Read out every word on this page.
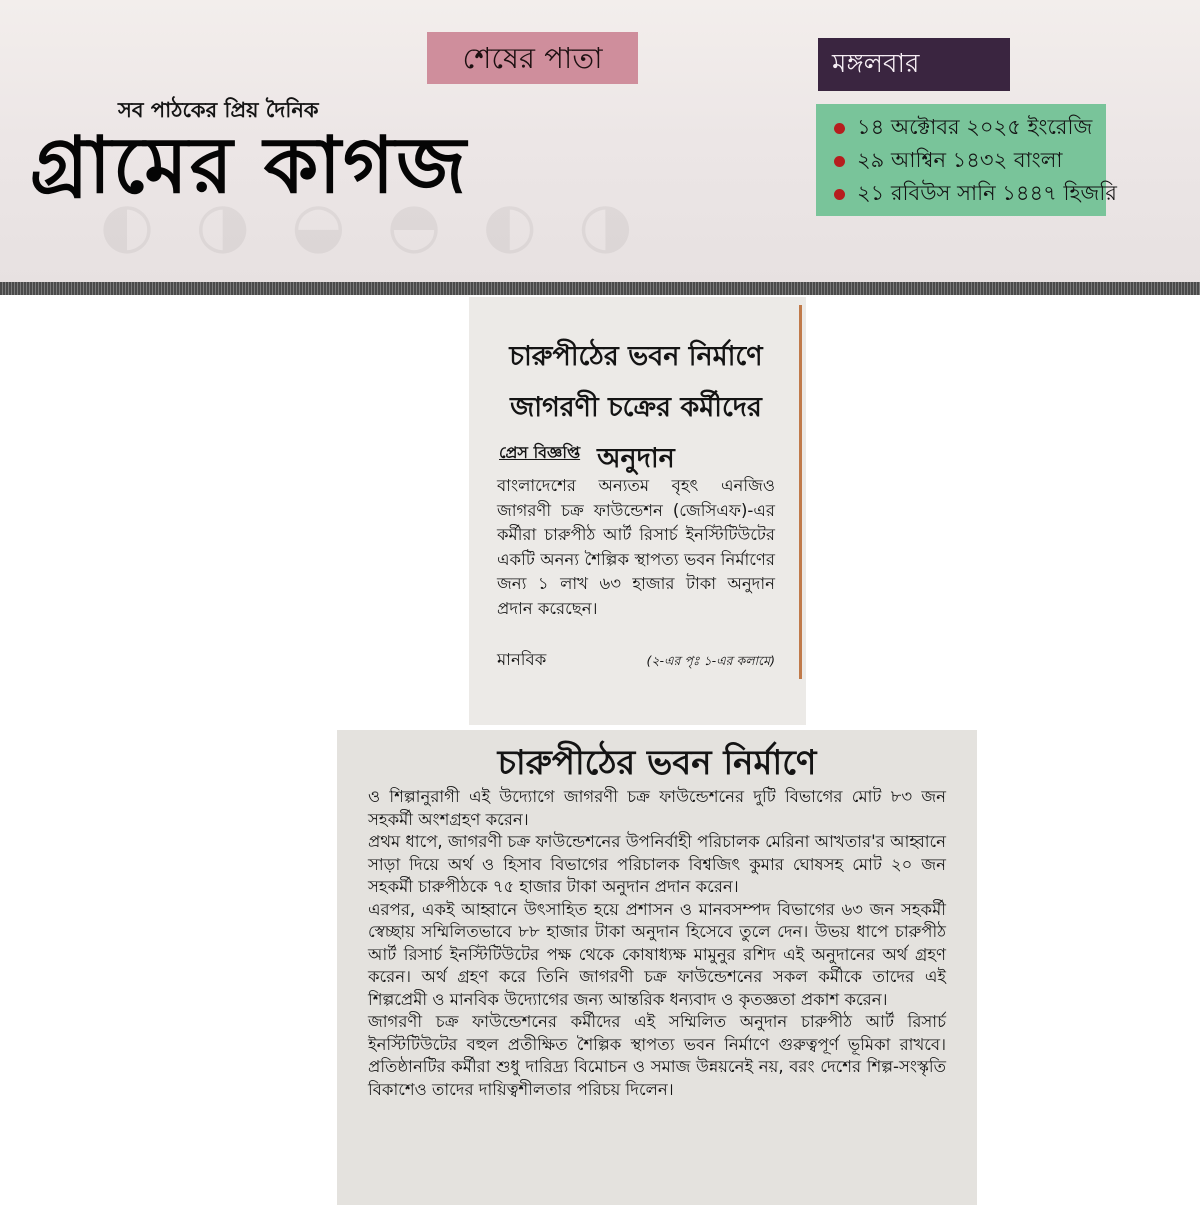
◐ ◑ ◒ ◓ ◐ ◑
শেষের পাতা	মঙ্গলবার
সব পাঠকের প্রিয় দৈনিক
গ্রামের কাগজ	১৪ অক্টোবর ২০২৫ ইংরেজি
২৯ আশ্বিন ১৪৩২ বাংলা
২১ রবিউস সানি ১৪৪৭ হিজরি
চারুপীঠের ভবন নির্মাণে জাগরণী চক্রের কর্মীদের অনুদান

বাংলাদেশের অন্যতম বৃহৎ এনজিও জাগরণী চক্র ফাউন্ডেশন (জেসিএফ)-এর কর্মীরা চারুপীঠ আর্ট রিসার্চ ইনস্টিটিউটের একটি অনন্য শৈল্পিক স্থাপত্য ভবন নির্মাণের জন্য ১ লাখ ৬৩ হাজার টাকা অনুদান প্রদান করেছেন।

মানবিক	(২-এর পৃঃ ১-এর কলামে)
প্রেস বিজ্ঞপ্তি
চারুপীঠের ভবন নির্মাণে

ও শিল্পানুরাগী এই উদ্যোগে জাগরণী চক্র ফাউন্ডেশনের দুটি বিভাগের মোট ৮৩ জন সহকর্মী অংশগ্রহণ করেন।

প্রথম ধাপে, জাগরণী চক্র ফাউন্ডেশনের উপনির্বাহী পরিচালক মেরিনা আখতার'র আহ্বানে সাড়া দিয়ে অর্থ ও হিসাব বিভাগের পরিচালক বিশ্বজিৎ কুমার ঘোষসহ মোট ২০ জন সহকর্মী চারুপীঠকে ৭৫ হাজার টাকা অনুদান প্রদান করেন।

এরপর, একই আহ্বানে উৎসাহিত হয়ে প্রশাসন ও মানবসম্পদ বিভাগের ৬৩ জন সহকর্মী স্বেচ্ছায় সম্মিলিতভাবে ৮৮ হাজার টাকা অনুদান হিসেবে তুলে দেন। উভয় ধাপে চারুপীঠ আর্ট রিসার্চ ইনস্টিটিউটের পক্ষ থেকে কোষাধ্যক্ষ মামুনুর রশিদ এই অনুদানের অর্থ গ্রহণ করেন। অর্থ গ্রহণ করে তিনি জাগরণী চক্র ফাউন্ডেশনের সকল কর্মীকে তাদের এই শিল্পপ্রেমী ও মানবিক উদ্যোগের জন্য আন্তরিক ধন্যবাদ ও কৃতজ্ঞতা প্রকাশ করেন।

জাগরণী চক্র ফাউন্ডেশনের কর্মীদের এই সম্মিলিত অনুদান চারুপীঠ আর্ট রিসার্চ ইনস্টিটিউটের বহুল প্রতীক্ষিত শৈল্পিক স্থাপত্য ভবন নির্মাণে গুরুত্বপূর্ণ ভূমিকা রাখবে। প্রতিষ্ঠানটির কর্মীরা শুধু দারিদ্র্য বিমোচন ও সমাজ উন্নয়নেই নয়, বরং দেশের শিল্প-সংস্কৃতি বিকাশেও তাদের দায়িত্বশীলতার পরিচয় দিলেন।
